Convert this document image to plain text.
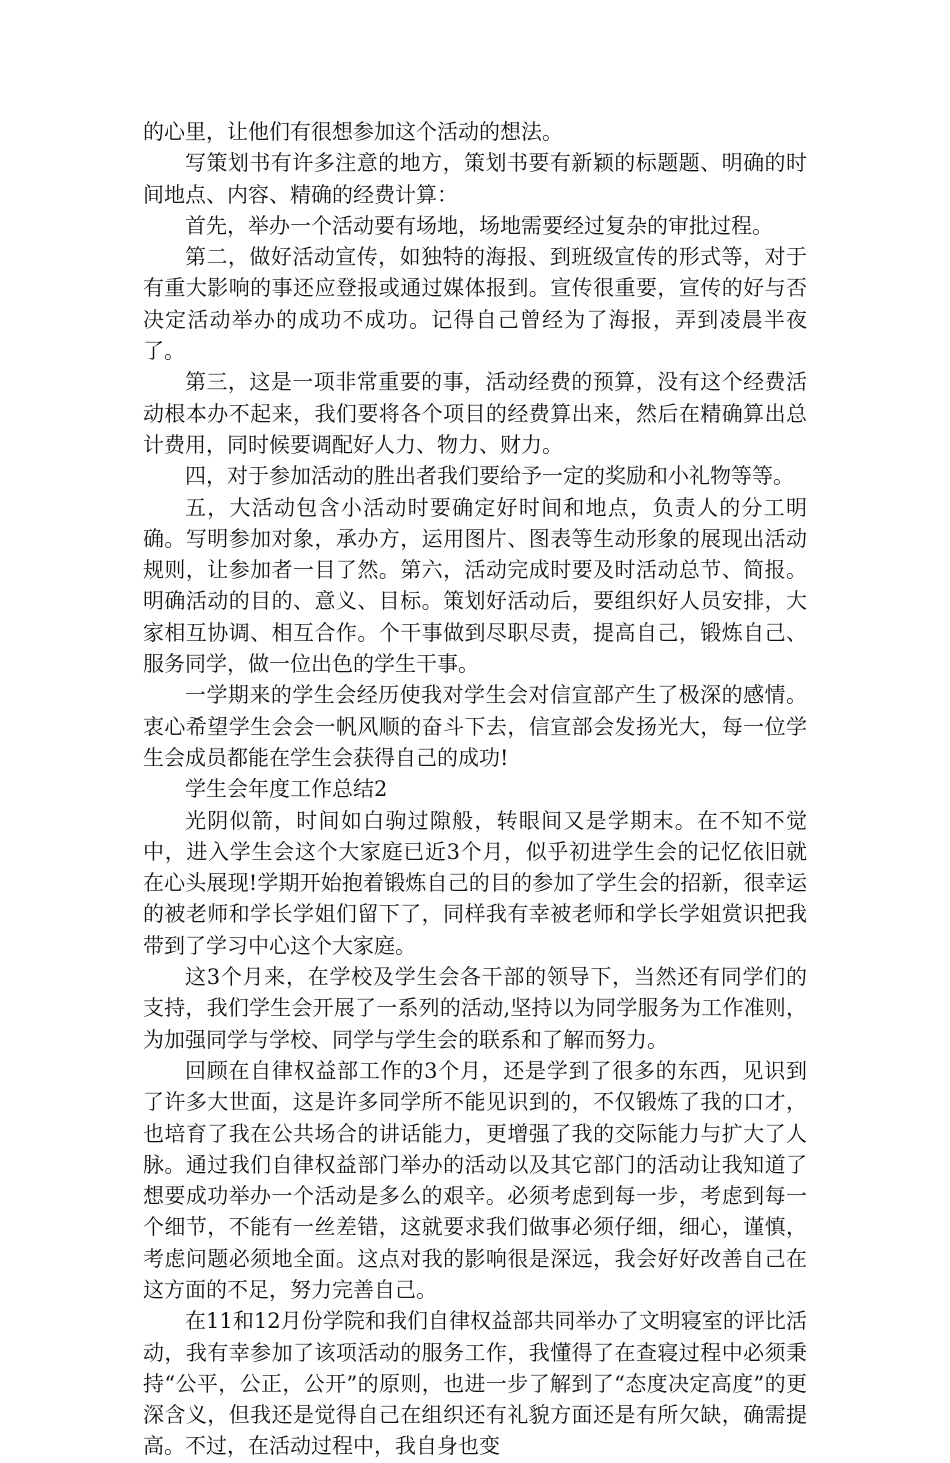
的心里，让他们有很想参加这个活动的想法。

写策划书有许多注意的地方，策划书要有新颖的标题题、明确的时间地点、内容、精确的经费计算：

首先，举办一个活动要有场地，场地需要经过复杂的审批过程。

第二，做好活动宣传，如独特的海报、到班级宣传的形式等，对于有重大影响的事还应登报或通过媒体报到。宣传很重要，宣传的好与否决定活动举办的成功不成功。记得自己曾经为了海报，弄到凌晨半夜了。

第三，这是一项非常重要的事，活动经费的预算，没有这个经费活动根本办不起来，我们要将各个项目的经费算出来，然后在精确算出总计费用，同时候要调配好人力、物力、财力。

四，对于参加活动的胜出者我们要给予一定的奖励和小礼物等等。

五，大活动包含小活动时要确定好时间和地点，负责人的分工明确。写明参加对象，承办方，运用图片、图表等生动形象的展现出活动规则，让参加者一目了然。第六，活动完成时要及时活动总节、简报。明确活动的目的、意义、目标。策划好活动后，要组织好人员安排，大家相互协调、相互合作。个干事做到尽职尽责，提高自己，锻炼自己、服务同学，做一位出色的学生干事。

一学期来的学生会经历使我对学生会对信宣部产生了极深的感情。衷心希望学生会会一帆风顺的奋斗下去，信宣部会发扬光大，每一位学生会成员都能在学生会获得自己的成功!

学生会年度工作总结2

光阴似箭，时间如白驹过隙般，转眼间又是学期末。在不知不觉中，进入学生会这个大家庭已近3个月，似乎初进学生会的记忆依旧就在心头展现!学期开始抱着锻炼自己的目的参加了学生会的招新，很幸运的被老师和学长学姐们留下了，同样我有幸被老师和学长学姐赏识把我带到了学习中心这个大家庭。

这3个月来，在学校及学生会各干部的领导下，当然还有同学们的支持，我们学生会开展了一系列的活动,坚持以为同学服务为工作准则，为加强同学与学校、同学与学生会的联系和了解而努力。

回顾在自律权益部工作的3个月，还是学到了很多的东西，见识到了许多大世面，这是许多同学所不能见识到的，不仅锻炼了我的口才，也培育了我在公共场合的讲话能力，更增强了我的交际能力与扩大了人脉。通过我们自律权益部门举办的活动以及其它部门的活动让我知道了想要成功举办一个活动是多么的艰辛。必须考虑到每一步，考虑到每一个细节，不能有一丝差错，这就要求我们做事必须仔细，细心，谨慎，考虑问题必须地全面。这点对我的影响很是深远，我会好好改善自己在这方面的不足，努力完善自己。

在11和12月份学院和我们自律权益部共同举办了文明寝室的评比活动，我有幸参加了该项活动的服务工作，我懂得了在查寝过程中必须秉持“公平，公正，公开”的原则，也进一步了解到了“态度决定高度”的更深含义，但我还是觉得自己在组织还有礼貌方面还是有所欠缺，确需提高。不过，在活动过程中，我自身也变
